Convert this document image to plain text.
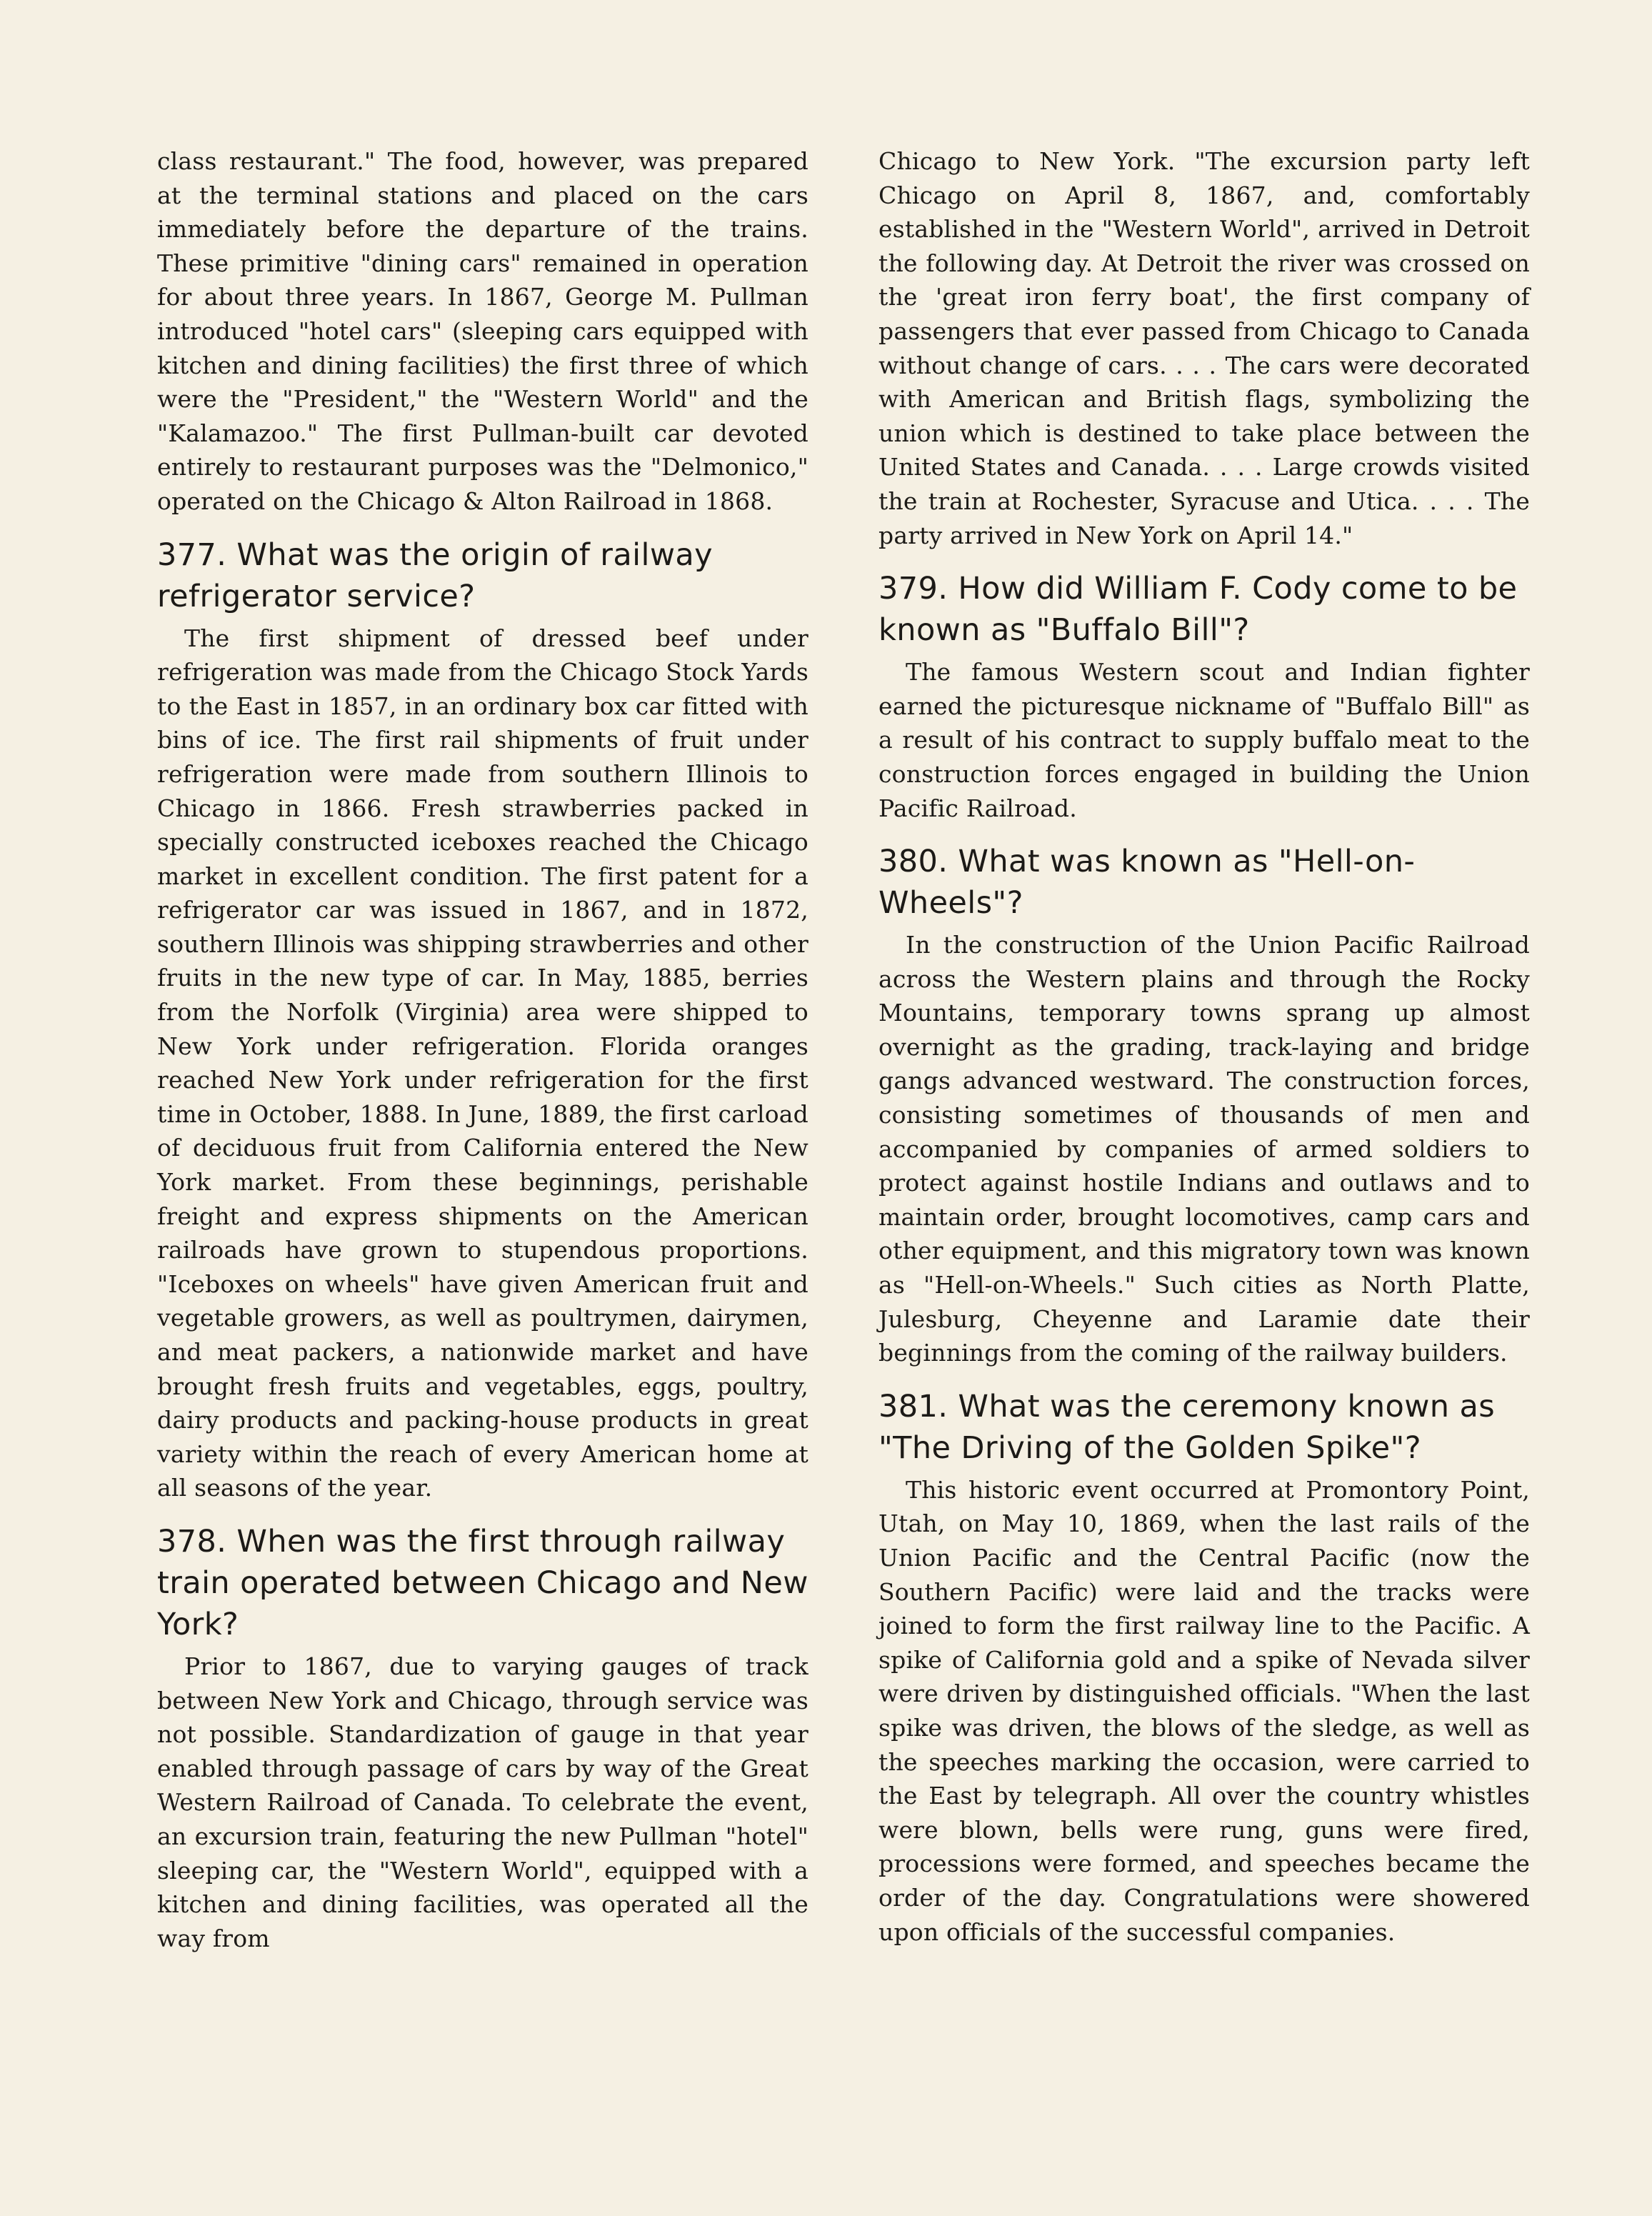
class restaurant." The food, however, was prepared at the terminal stations and placed on the cars immediately before the departure of the trains. These primitive "dining cars" remained in operation for about three years. In 1867, George M. Pullman introduced "hotel cars" (sleeping cars equipped with kitchen and dining facilities) the first three of which were the "President," the "Western World" and the "Kalamazoo." The first Pullman-built car devoted entirely to restaurant purposes was the "Delmonico," operated on the Chicago & Alton Railroad in 1868.

377. What was the origin of railway refrigerator service?

The first shipment of dressed beef under refrigeration was made from the Chicago Stock Yards to the East in 1857, in an ordinary box car fitted with bins of ice. The first rail shipments of fruit under refrigeration were made from southern Illinois to Chicago in 1866. Fresh strawberries packed in specially constructed iceboxes reached the Chicago market in excellent condition. The first patent for a refrigerator car was issued in 1867, and in 1872, southern Illinois was shipping strawberries and other fruits in the new type of car. In May, 1885, berries from the Norfolk (Virginia) area were shipped to New York under refrigeration. Florida oranges reached New York under refrigeration for the first time in October, 1888. In June, 1889, the first carload of deciduous fruit from California entered the New York market. From these beginnings, perishable freight and express shipments on the American railroads have grown to stupendous proportions. "Iceboxes on wheels" have given American fruit and vegetable growers, as well as poultrymen, dairymen, and meat packers, a nationwide market and have brought fresh fruits and vegetables, eggs, poultry, dairy products and packing-house products in great variety within the reach of every American home at all seasons of the year.

378. When was the first through railway train operated between Chicago and New York?

Prior to 1867, due to varying gauges of track between New York and Chicago, through service was not possible. Standardization of gauge in that year enabled through passage of cars by way of the Great Western Railroad of Canada. To celebrate the event, an excursion train, featuring the new Pullman "hotel" sleeping car, the "Western World", equipped with a kitchen and dining facilities, was operated all the way from

Chicago to New York. "The excursion party left Chicago on April 8, 1867, and, comfortably established in the "Western World", arrived in Detroit the following day. At Detroit the river was crossed on the 'great iron ferry boat', the first company of passengers that ever passed from Chicago to Canada without change of cars. . . . The cars were decorated with American and British flags, symbolizing the union which is destined to take place between the United States and Canada. . . . Large crowds visited the train at Rochester, Syracuse and Utica. . . . The party arrived in New York on April 14."

379. How did William F. Cody come to be known as "Buffalo Bill"?

The famous Western scout and Indian fighter earned the picturesque nickname of "Buffalo Bill" as a result of his contract to supply buffalo meat to the construction forces engaged in building the Union Pacific Railroad.

380. What was known as "Hell-on-Wheels"?

In the construction of the Union Pacific Railroad across the Western plains and through the Rocky Mountains, temporary towns sprang up almost overnight as the grading, track-laying and bridge gangs advanced westward. The construction forces, consisting sometimes of thousands of men and accompanied by companies of armed soldiers to protect against hostile Indians and outlaws and to maintain order, brought locomotives, camp cars and other equipment, and this migratory town was known as "Hell-on-Wheels." Such cities as North Platte, Julesburg, Cheyenne and Laramie date their beginnings from the coming of the railway builders.

381. What was the ceremony known as "The Driving of the Golden Spike"?

This historic event occurred at Promontory Point, Utah, on May 10, 1869, when the last rails of the Union Pacific and the Central Pacific (now the Southern Pacific) were laid and the tracks were joined to form the first railway line to the Pacific. A spike of California gold and a spike of Nevada silver were driven by distinguished officials. "When the last spike was driven, the blows of the sledge, as well as the speeches marking the occasion, were carried to the East by telegraph. All over the country whistles were blown, bells were rung, guns were fired, processions were formed, and speeches became the order of the day. Congratulations were showered upon officials of the successful companies.
